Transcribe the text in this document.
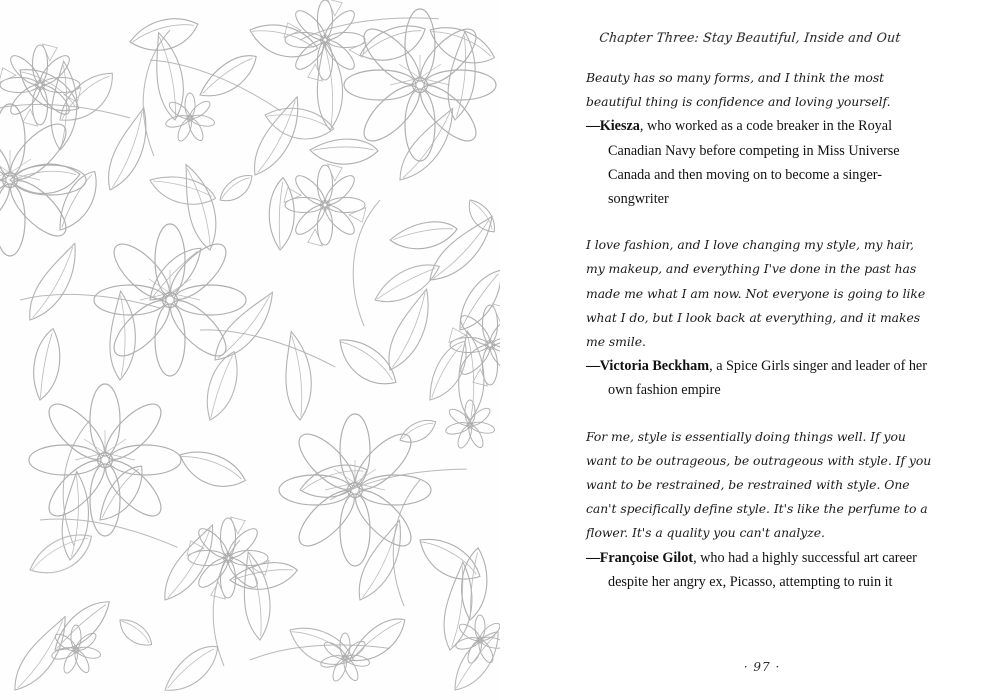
Chapter Three: Stay Beautiful, Inside and Out

Beauty has so many forms, and I think the most beautiful thing is confidence and loving yourself.

—Kiesza, who worked as a code breaker in the Royal Canadian Navy before competing in Miss Universe Canada and then moving on to become a singer-songwriter

I love fashion, and I love changing my style, my hair, my makeup, and everything I've done in the past has made me what I am now. Not everyone is going to like what I do, but I look back at everything, and it makes me smile.

—Victoria Beckham, a Spice Girls singer and leader of her own fashion empire

For me, style is essentially doing things well. If you want to be outrageous, be outrageous with style. If you want to be restrained, be restrained with style. One can't specifically define style. It's like the perfume to a flower. It's a quality you can't analyze.

—Françoise Gilot, who had a highly successful art career despite her angry ex, Picasso, attempting to ruin it

· 97 ·
